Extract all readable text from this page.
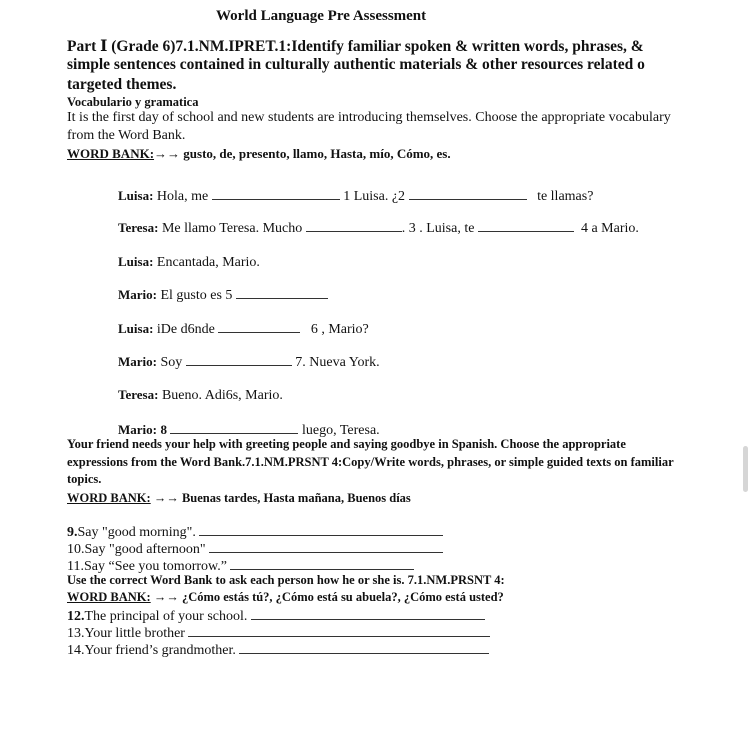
World Language Pre Assessment
Part Ⅰ (Grade 6)7.1.NM.IPRET.1:Identify familiar spoken & written words, phrases, &
simple sentences contained in culturally authentic materials & other resources related o
targeted themes.
Vocabulario y gramatica
It is the first day of school and new students are introducing themselves. Choose the appropriate vocabulary
from the Word Bank.
WORD BANK:→→ gusto, de, presento, llamo, Hasta, mío, Cómo, es.
Luisa: Hola, me	1 Luisa. ¿2	te llamas?
Teresa: Me llamo Teresa. Mucho	. 3 . Luisa, te	4 a Mario.
Luisa: Encantada, Mario.
Mario: El gusto es 5
Luisa: iDe d6nde	6 , Mario?
Mario: Soy	7. Nueva York.
Teresa: Bueno. Adi6s, Mario.
Mario: 8	luego, Teresa.
Your friend needs your help with greeting people and saying goodbye in Spanish. Choose the appropriate
expressions from the Word Bank.7.1.NM.PRSNT 4:Copy/Write words, phrases, or simple guided texts on familiar
topics.
WORD BANK: →→ Buenas tardes, Hasta mañana, Buenos días
9.Say "good morning".
10.Say "good afternoon"
11.Say “See you tomorrow.”
Use the correct Word Bank to ask each person how he or she is. 7.1.NM.PRSNT 4:
WORD BANK: →→ ¿Cómo estás tú?, ¿Cómo está su abuela?, ¿Cómo está usted?
12.The principal of your school.
13.Your little brother
14.Your friend’s grandmother.
